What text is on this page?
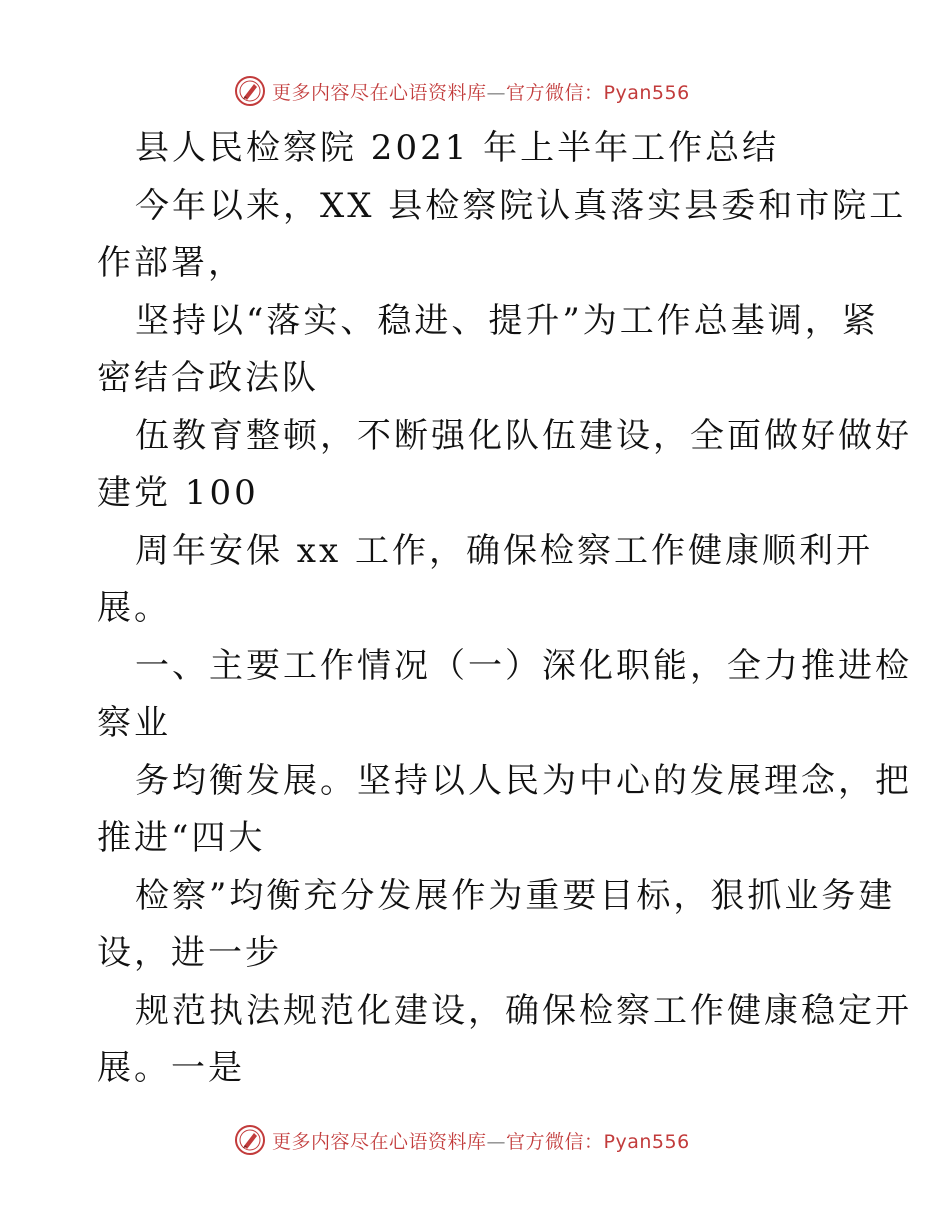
更多内容尽在心语资料库—官方微信：Pyan556
县人民检察院 2021 年上半年工作总结
今年以来，XX 县检察院认真落实县委和市院工
作部署，
坚持以“落实、稳进、提升”为工作总基调，紧
密结合政法队
伍教育整顿，不断强化队伍建设，全面做好做好
建党 100
周年安保 xx 工作，确保检察工作健康顺利开
展。
一、主要工作情况（一）深化职能，全力推进检
察业
务均衡发展。坚持以人民为中心的发展理念，把
推进“四大
检察”均衡充分发展作为重要目标，狠抓业务建
设，进一步
规范执法规范化建设，确保检察工作健康稳定开
展。一是
更多内容尽在心语资料库—官方微信：Pyan556
